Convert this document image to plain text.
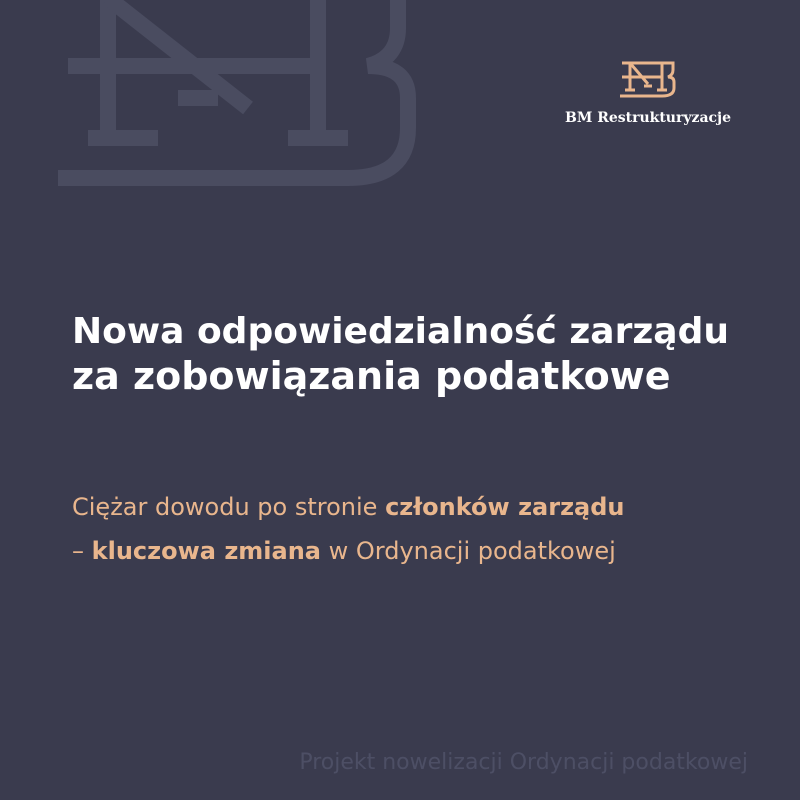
BM Restrukturyzacje
Nowa odpowiedzialność zarządu
za zobowiązania podatkowe

Ciężar dowodu po stronie członków zarządu
– kluczowa zmiana w Ordynacji podatkowej

Projekt nowelizacji Ordynacji podatkowej
